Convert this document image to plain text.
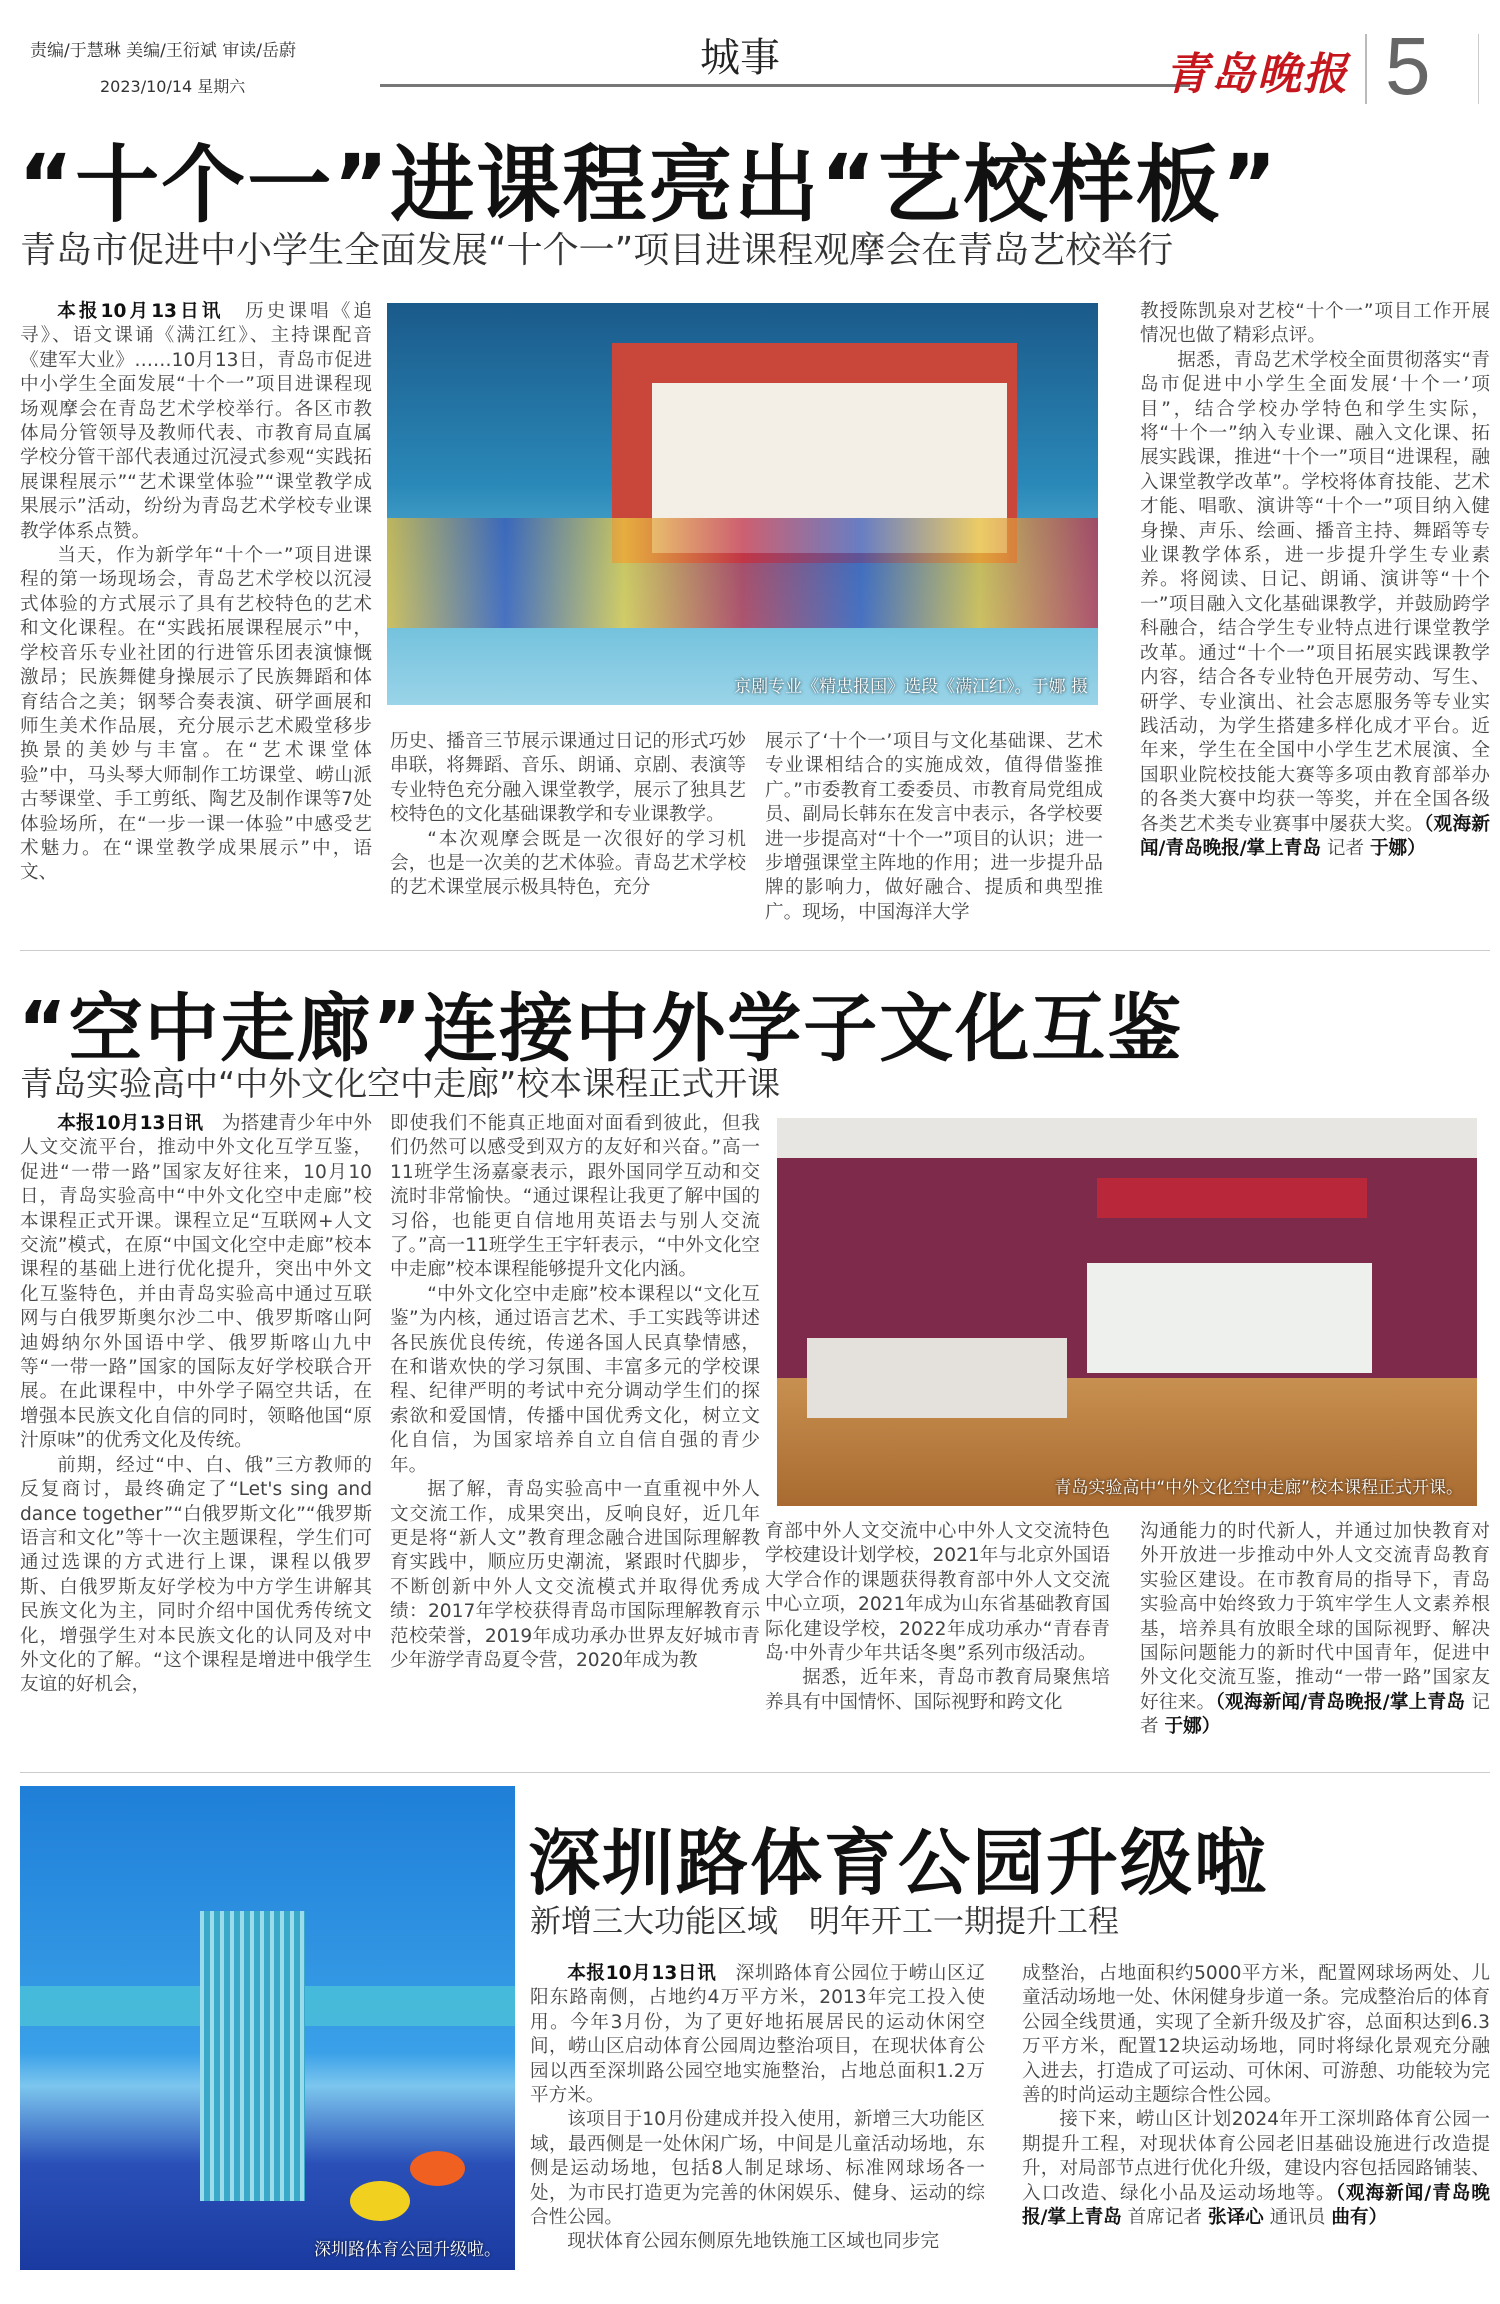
责编/于慧琳 美编/王衍斌 审读/岳蔚
2023/10/14 星期六
城事	青岛晚报 5
“十个一”进课程亮出“艺校样板”
青岛市促进中小学生全面发展“十个一”项目进课程观摩会在青岛艺校举行

本报10月13日讯　历史课唱《追寻》、语文课诵《满江红》、主持课配音《建军大业》……10月13日，青岛市促进中小学生全面发展“十个一”项目进课程现场观摩会在青岛艺术学校举行。各区市教体局分管领导及教师代表、市教育局直属学校分管干部代表通过沉浸式参观“实践拓展课程展示”“艺术课堂体验”“课堂教学成果展示”活动，纷纷为青岛艺术学校专业课教学体系点赞。

当天，作为新学年“十个一”项目进课程的第一场现场会，青岛艺术学校以沉浸式体验的方式展示了具有艺校特色的艺术和文化课程。在“实践拓展课程展示”中，学校音乐专业社团的行进管乐团表演慷慨激昂；民族舞健身操展示了民族舞蹈和体育结合之美；钢琴合奏表演、研学画展和师生美术作品展，充分展示艺术殿堂移步换景的美妙与丰富。在“艺术课堂体验”中，马头琴大师制作工坊课堂、崂山派古琴课堂、手工剪纸、陶艺及制作课等7处体验场所，在“一步一课一体验”中感受艺术魅力。在“课堂教学成果展示”中，语文、

京剧专业《精忠报国》选段《满江红》。于娜 摄

历史、播音三节展示课通过日记的形式巧妙串联，将舞蹈、音乐、朗诵、京剧、表演等专业特色充分融入课堂教学，展示了独具艺校特色的文化基础课教学和专业课教学。

“本次观摩会既是一次很好的学习机会，也是一次美的艺术体验。青岛艺术学校的艺术课堂展示极具特色，充分

展示了‘十个一’项目与文化基础课、艺术专业课相结合的实施成效，值得借鉴推广。”市委教育工委委员、市教育局党组成员、副局长韩东在发言中表示，各学校要进一步提高对“十个一”项目的认识；进一步增强课堂主阵地的作用；进一步提升品牌的影响力，做好融合、提质和典型推广。现场，中国海洋大学

教授陈凯泉对艺校“十个一”项目工作开展情况也做了精彩点评。

据悉，青岛艺术学校全面贯彻落实“青岛市促进中小学生全面发展‘十个一’项目”，结合学校办学特色和学生实际，将“十个一”纳入专业课、融入文化课、拓展实践课，推进“十个一”项目“进课程，融入课堂教学改革”。学校将体育技能、艺术才能、唱歌、演讲等“十个一”项目纳入健身操、声乐、绘画、播音主持、舞蹈等专业课教学体系，进一步提升学生专业素养。将阅读、日记、朗诵、演讲等“十个一”项目融入文化基础课教学，并鼓励跨学科融合，结合学生专业特点进行课堂教学改革。通过“十个一”项目拓展实践课教学内容，结合各专业特色开展劳动、写生、研学、专业演出、社会志愿服务等专业实践活动，为学生搭建多样化成才平台。近年来，学生在全国中小学生艺术展演、全国职业院校技能大赛等多项由教育部举办的各类大赛中均获一等奖，并在全国各级各类艺术类专业赛事中屡获大奖。（观海新闻/青岛晚报/掌上青岛 记者 于娜）

“空中走廊”连接中外学子文化互鉴
青岛实验高中“中外文化空中走廊”校本课程正式开课

本报10月13日讯　为搭建青少年中外人文交流平台，推动中外文化互学互鉴，促进“一带一路”国家友好往来，10月10日，青岛实验高中“中外文化空中走廊”校本课程正式开课。课程立足“互联网+人文交流”模式，在原“中国文化空中走廊”校本课程的基础上进行优化提升，突出中外文化互鉴特色，并由青岛实验高中通过互联网与白俄罗斯奥尔沙二中、俄罗斯喀山阿迪姆纳尔外国语中学、俄罗斯喀山九中等“一带一路”国家的国际友好学校联合开展。在此课程中，中外学子隔空共话，在增强本民族文化自信的同时，领略他国“原汁原味”的优秀文化及传统。

前期，经过“中、白、俄”三方教师的反复商讨，最终确定了“Let's sing and dance together”“白俄罗斯文化”“俄罗斯语言和文化”等十一次主题课程，学生们可通过选课的方式进行上课，课程以俄罗斯、白俄罗斯友好学校为中方学生讲解其民族文化为主，同时介绍中国优秀传统文化，增强学生对本民族文化的认同及对中外文化的了解。“这个课程是增进中俄学生友谊的好机会，

即使我们不能真正地面对面看到彼此，但我们仍然可以感受到双方的友好和兴奋。”高一11班学生汤嘉豪表示，跟外国同学互动和交流时非常愉快。“通过课程让我更了解中国的习俗，也能更自信地用英语去与别人交流了。”高一11班学生王宇轩表示，“中外文化空中走廊”校本课程能够提升文化内涵。

“中外文化空中走廊”校本课程以“文化互鉴”为内核，通过语言艺术、手工实践等讲述各民族优良传统，传递各国人民真挚情感，在和谐欢快的学习氛围、丰富多元的学校课程、纪律严明的考试中充分调动学生们的探索欲和爱国情，传播中国优秀文化，树立文化自信，为国家培养自立自信自强的青少年。

据了解，青岛实验高中一直重视中外人文交流工作，成果突出，反响良好，近几年更是将“新人文”教育理念融合进国际理解教育实践中，顺应历史潮流，紧跟时代脚步，不断创新中外人文交流模式并取得优秀成绩：2017年学校获得青岛市国际理解教育示范校荣誉，2019年成功承办世界友好城市青少年游学青岛夏令营，2020年成为教

青岛实验高中“中外文化空中走廊”校本课程正式开课。

育部中外人文交流中心中外人文交流特色学校建设计划学校，2021年与北京外国语大学合作的课题获得教育部中外人文交流中心立项，2021年成为山东省基础教育国际化建设学校，2022年成功承办“青春青岛·中外青少年共话冬奥”系列市级活动。

据悉，近年来，青岛市教育局聚焦培养具有中国情怀、国际视野和跨文化

沟通能力的时代新人，并通过加快教育对外开放进一步推动中外人文交流青岛教育实验区建设。在市教育局的指导下，青岛实验高中始终致力于筑牢学生人文素养根基，培养具有放眼全球的国际视野、解决国际问题能力的新时代中国青年，促进中外文化交流互鉴，推动“一带一路”国家友好往来。（观海新闻/青岛晚报/掌上青岛 记者 于娜）

深圳路体育公园升级啦。
深圳路体育公园升级啦
新增三大功能区域　明年开工一期提升工程

本报10月13日讯　深圳路体育公园位于崂山区辽阳东路南侧，占地约4万平方米，2013年完工投入使用。今年3月份，为了更好地拓展居民的运动休闲空间，崂山区启动体育公园周边整治项目，在现状体育公园以西至深圳路公园空地实施整治，占地总面积1.2万平方米。

该项目于10月份建成并投入使用，新增三大功能区域，最西侧是一处休闲广场，中间是儿童活动场地，东侧是运动场地，包括8人制足球场、标准网球场各一处，为市民打造更为完善的休闲娱乐、健身、运动的综合性公园。

现状体育公园东侧原先地铁施工区域也同步完

成整治，占地面积约5000平方米，配置网球场两处、儿童活动场地一处、休闲健身步道一条。完成整治后的体育公园全线贯通，实现了全新升级及扩容，总面积达到6.3万平方米，配置12块运动场地，同时将绿化景观充分融入进去，打造成了可运动、可休闲、可游憩、功能较为完善的时尚运动主题综合性公园。

接下来，崂山区计划2024年开工深圳路体育公园一期提升工程，对现状体育公园老旧基础设施进行改造提升，对局部节点进行优化升级，建设内容包括园路铺装、入口改造、绿化小品及运动场地等。（观海新闻/青岛晚报/掌上青岛 首席记者 张译心 通讯员 曲有）
